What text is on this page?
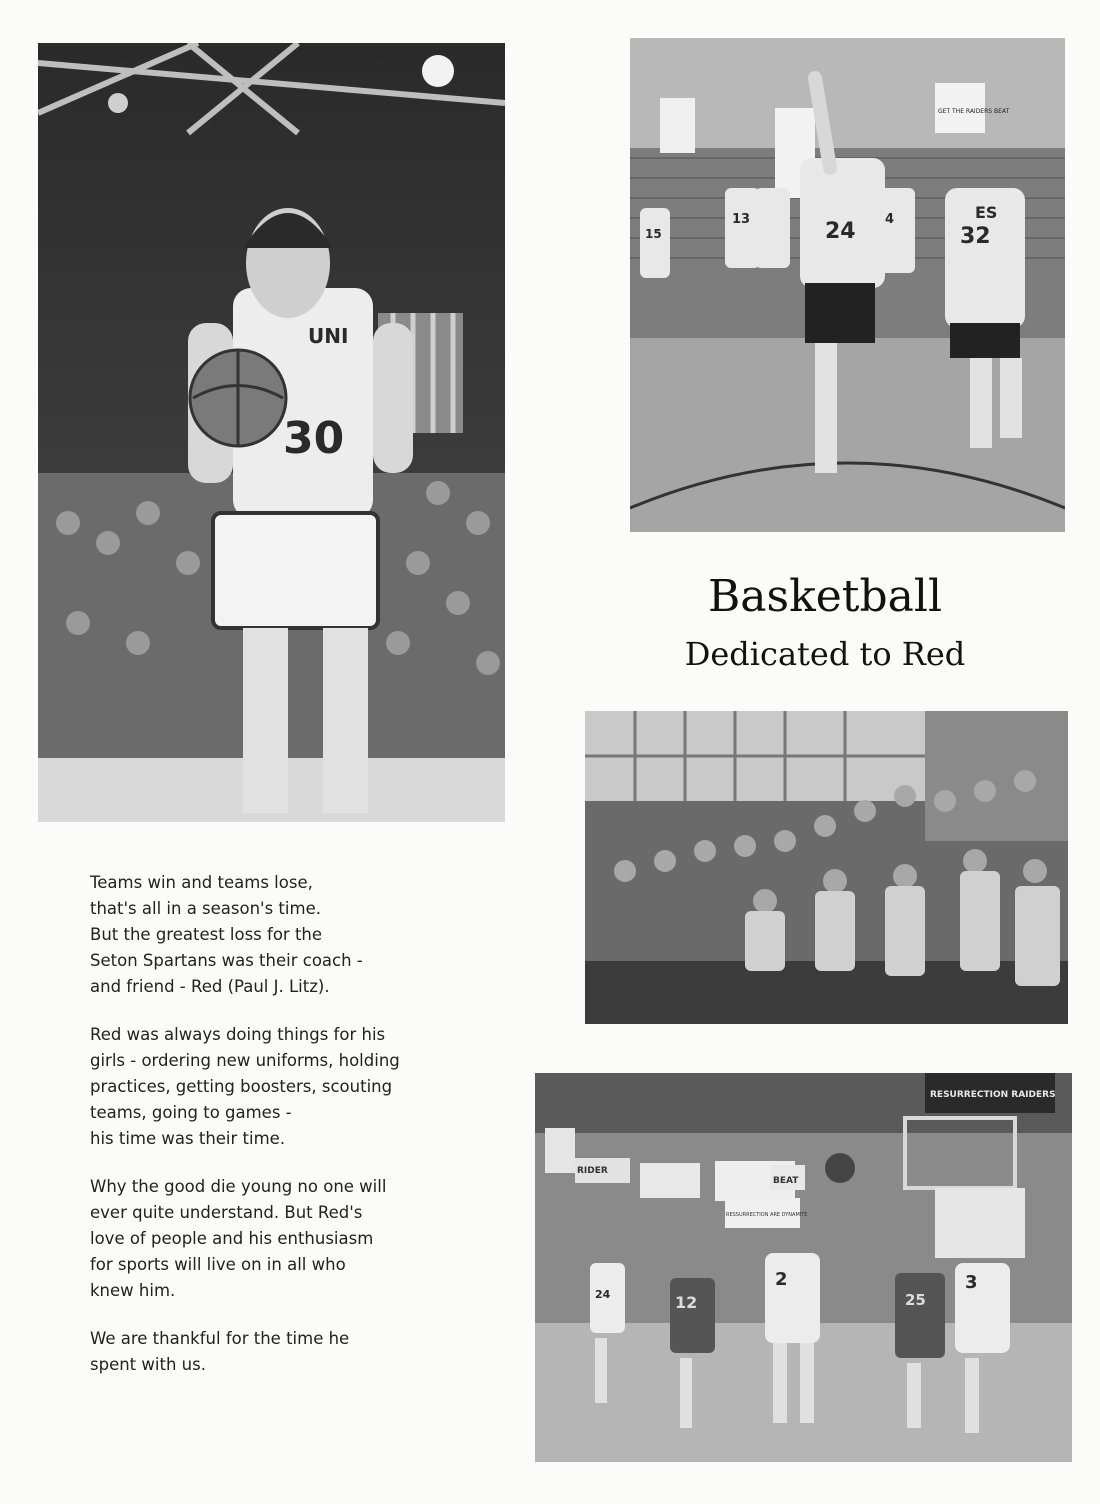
30
UNI
GET THE RAIDERS BEAT
24	32
ES
13	4
15
Basketball
Dedicated to Red
RESURRECTION RAIDERS
RIDER
BEAT
RESSURRECTION ARE DYNAMITE
24	12
2
25
3

Teams win and teams lose,
that's all in a season's time.
But the greatest loss for the
Seton Spartans was their coach -
and friend - Red (Paul J. Litz).

Red was always doing things for his
girls - ordering new uniforms, holding
practices, getting boosters, scouting
teams, going to games -
his time was their time.

Why the good die young no one will
ever quite understand. But Red's
love of people and his enthusiasm
for sports will live on in all who
knew him.

We are thankful for the time he
spent with us.
